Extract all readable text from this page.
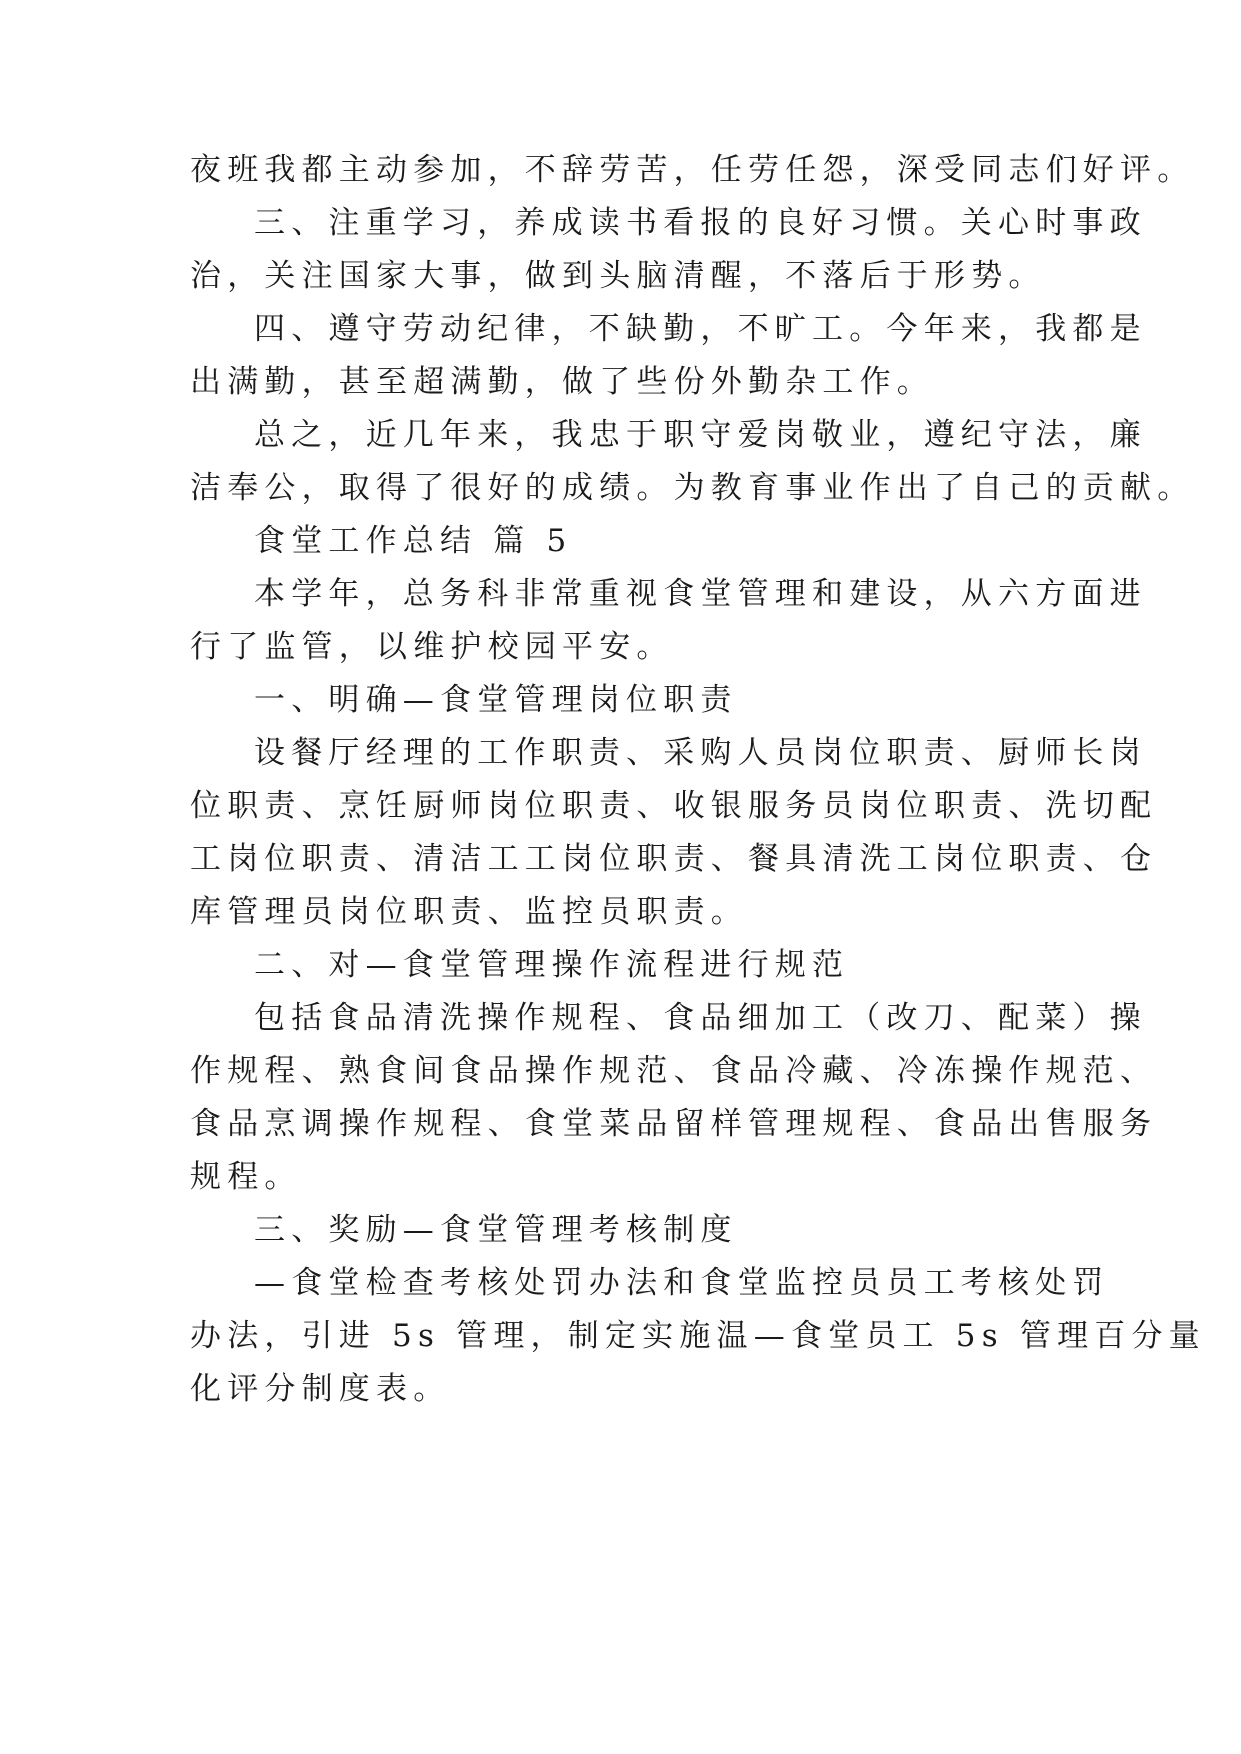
夜班我都主动参加，不辞劳苦，任劳任怨，深受同志们好评。
三、注重学习，养成读书看报的良好习惯。关心时事政
治，关注国家大事，做到头脑清醒，不落后于形势。
四、遵守劳动纪律，不缺勤，不旷工。今年来，我都是
出满勤，甚至超满勤，做了些份外勤杂工作。
总之，近几年来，我忠于职守爱岗敬业，遵纪守法，廉
洁奉公，取得了很好的成绩。为教育事业作出了自己的贡献。
食堂工作总结 篇 5
本学年，总务科非常重视食堂管理和建设，从六方面进
行了监管，以维护校园平安。
一、明确—食堂管理岗位职责
设餐厅经理的工作职责、采购人员岗位职责、厨师长岗
位职责、烹饪厨师岗位职责、收银服务员岗位职责、洗切配
工岗位职责、清洁工工岗位职责、餐具清洗工岗位职责、仓
库管理员岗位职责、监控员职责。
二、对—食堂管理操作流程进行规范
包括食品清洗操作规程、食品细加工（改刀、配菜）操
作规程、熟食间食品操作规范、食品冷藏、冷冻操作规范、
食品烹调操作规程、食堂菜品留样管理规程、食品出售服务
规程。
三、奖励—食堂管理考核制度
—食堂检查考核处罚办法和食堂监控员员工考核处罚
办法，引进 5s 管理，制定实施温—食堂员工 5s 管理百分量
化评分制度表。
